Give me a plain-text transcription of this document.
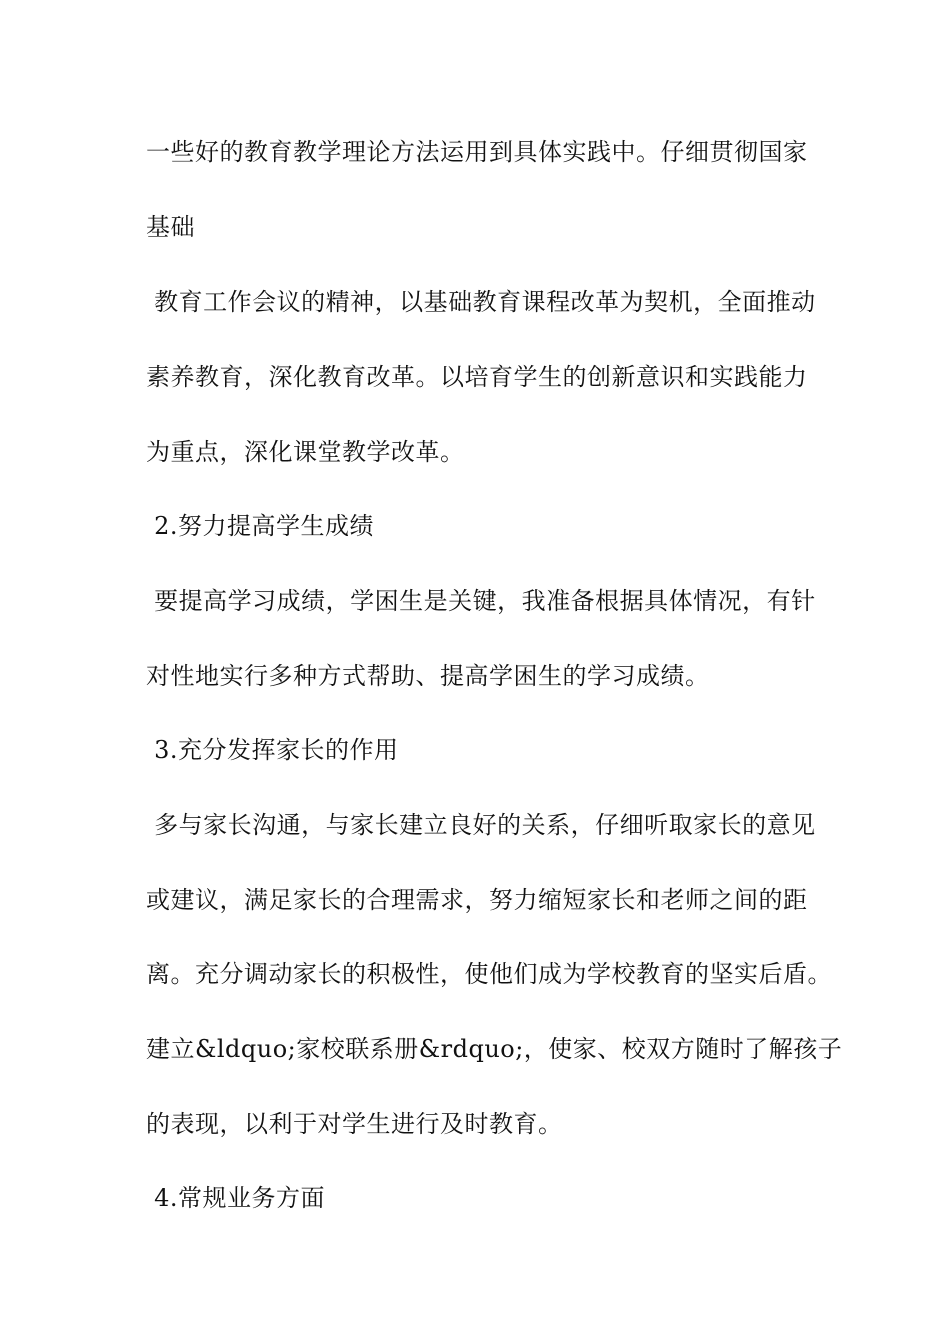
一些好的教育教学理论方法运用到具体实践中。仔细贯彻国家
基础
教育工作会议的精神，以基础教育课程改革为契机，全面推动
素养教育，深化教育改革。以培育学生的创新意识和实践能力
为重点，深化课堂教学改革。
2.努力提高学生成绩
要提高学习成绩，学困生是关键，我准备根据具体情况，有针
对性地实行多种方式帮助、提高学困生的学习成绩。
3.充分发挥家长的作用
多与家长沟通，与家长建立良好的关系，仔细听取家长的意见
或建议，满足家长的合理需求，努力缩短家长和老师之间的距
离。充分调动家长的积极性，使他们成为学校教育的坚实后盾。
建立&ldquo;家校联系册&rdquo;，使家、校双方随时了解孩子
的表现，以利于对学生进行及时教育。
4.常规业务方面
